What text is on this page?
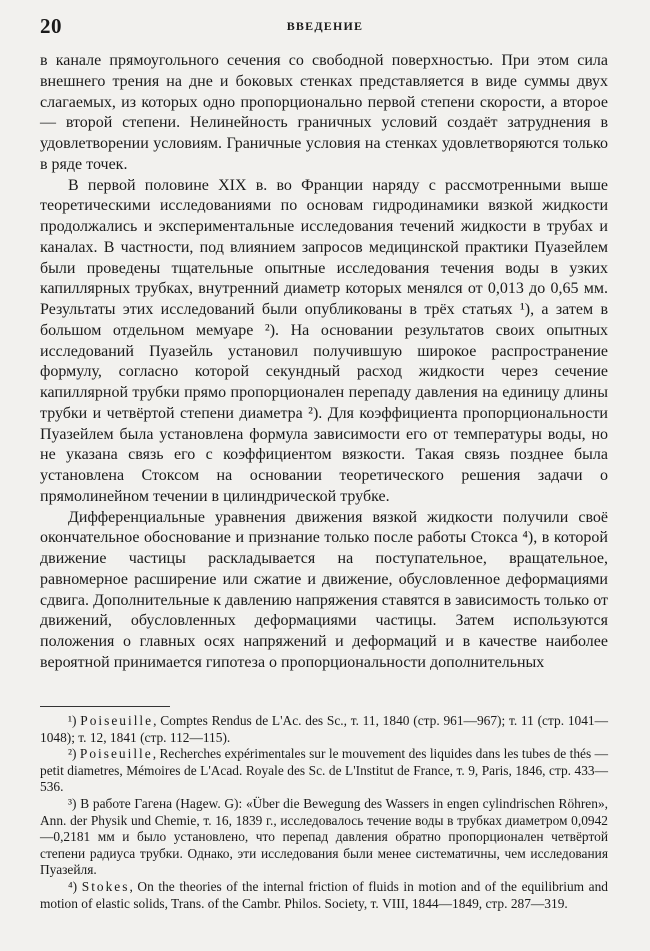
20	ВВЕДЕНИЕ

в канале прямоугольного сечения со свободной поверхностью. При этом сила внешнего трения на дне и боковых стенках представляется в виде суммы двух слагаемых, из которых одно пропорционально первой степени скорости, а второе — второй степени. Нелинейность граничных условий создаёт затруднения в удовлетворении условиям. Граничные условия на стенках удовлетворяются только в ряде точек.

В первой половине XIX в. во Франции наряду с рассмотренными выше теоретическими исследованиями по основам гидродинамики вязкой жидкости продолжались и экспериментальные исследования течений жидкости в трубах и каналах. В частности, под влиянием запросов медицинской практики Пуазейлем были проведены тщательные опытные исследования течения воды в узких капиллярных трубках, внутренний диаметр которых менялся от 0,013 до 0,65 мм. Результаты этих исследований были опубликованы в трёх статьях ¹), а затем в большом отдельном мемуаре ²). На основании результатов своих опытных исследований Пуазейль установил получившую широкое распространение формулу, согласно которой секундный расход жидкости через сечение капиллярной трубки прямо пропорционален перепаду давления на единицу длины трубки и четвёртой степени диаметра ²). Для коэффициента пропорциональности Пуазейлем была установлена формула зависимости его от температуры воды, но не указана связь его с коэффициентом вязкости. Такая связь позднее была установлена Стоксом на основании теоретического решения задачи о прямолинейном течении в цилиндрической трубке.

Дифференциальные уравнения движения вязкой жидкости получили своё окончательное обоснование и признание только после работы Стокса ⁴), в которой движение частицы раскладывается на поступательное, вращательное, равномерное расширение или сжатие и движение, обусловленное деформациями сдвига. Дополнительные к давлению напряжения ставятся в зависимость только от движений, обусловленных деформациями частицы. Затем используются положения о главных осях напряжений и деформаций и в качестве наиболее вероятной принимается гипотеза о пропорциональности дополнительных

¹) Poiseuille, Comptes Rendus de L'Ac. des Sc., т. 11, 1840 (стр. 961—967); т. 11 (стр. 1041—1048); т. 12, 1841 (стр. 112—115).

²) Poiseuille, Recherches expérimentales sur le mouvement des liquides dans les tubes de thés — petit diametres, Mémoires de L'Acad. Royale des Sc. de L'Institut de France, т. 9, Paris, 1846, стр. 433—536.

³) В работе Гагена (Hagew. G): «Über die Bewegung des Wassers in engen cylindrischen Röhren», Ann. der Physik und Chemie, т. 16, 1839 г., исследовалось течение воды в трубках диаметром 0,0942—0,2181 мм и было установлено, что перепад давления обратно пропорционален четвёртой степени радиуса трубки. Однако, эти исследования были менее систематичны, чем исследования Пуазейля.

⁴) Stokes, On the theories of the internal friction of fluids in motion and of the equilibrium and motion of elastic solids, Trans. of the Cambr. Philos. Society, т. VIII, 1844—1849, стр. 287—319.
